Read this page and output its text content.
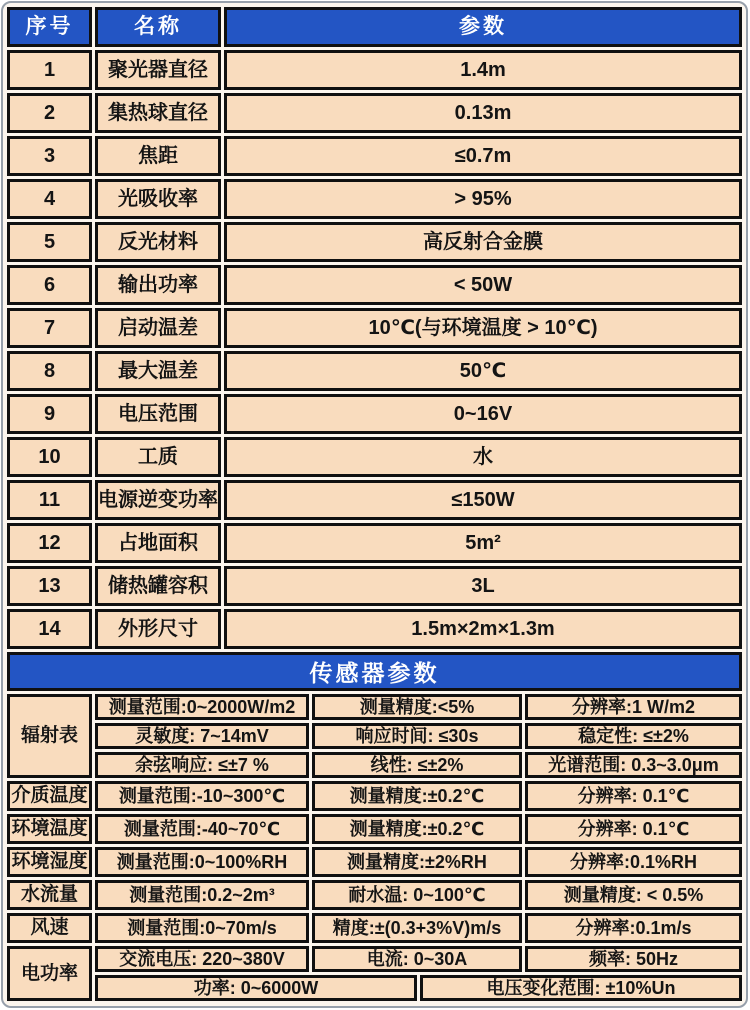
序号	名称	参数
1	聚光器直径	1.4m
2	集热球直径	0.13m
3	焦距	≤0.7m
4	光吸收率	> 95%
5	反光材料	高反射合金膜
6	输出功率	< 50W
7	启动温差	10℃(与环境温度 > 10℃)
8	最大温差	50℃
9	电压范围	0~16V
10	工质	水
11	电源逆变功率	≤150W
12	占地面积	5m²
13	储热罐容积	3L
14	外形尺寸	1.5m×2m×1.3m
传感器参数
辐射表
测量范围:0~2000W/m2	测量精度:<5%	分辨率:1 W/m2
灵敏度: 7~14mV	响应时间: ≤30s	稳定性: ≤±2%
余弦响应: ≤±7 %	线性: ≤±2%	光谱范围: 0.3~3.0μm
介质温度	测量范围:-10~300℃	测量精度:±0.2℃	分辨率: 0.1℃
环境温度	测量范围:-40~70℃	测量精度:±0.2℃	分辨率: 0.1℃
环境湿度	测量范围:0~100%RH	测量精度:±2%RH	分辨率:0.1%RH
水流量	测量范围:0.2~2m³	耐水温: 0~100℃	测量精度: < 0.5%
风速	测量范围:0~70m/s	精度:±(0.3+3%V)m/s	分辨率:0.1m/s
电功率
交流电压: 220~380V	电流: 0~30A	频率: 50Hz
功率: 0~6000W	电压变化范围: ±10%Un
